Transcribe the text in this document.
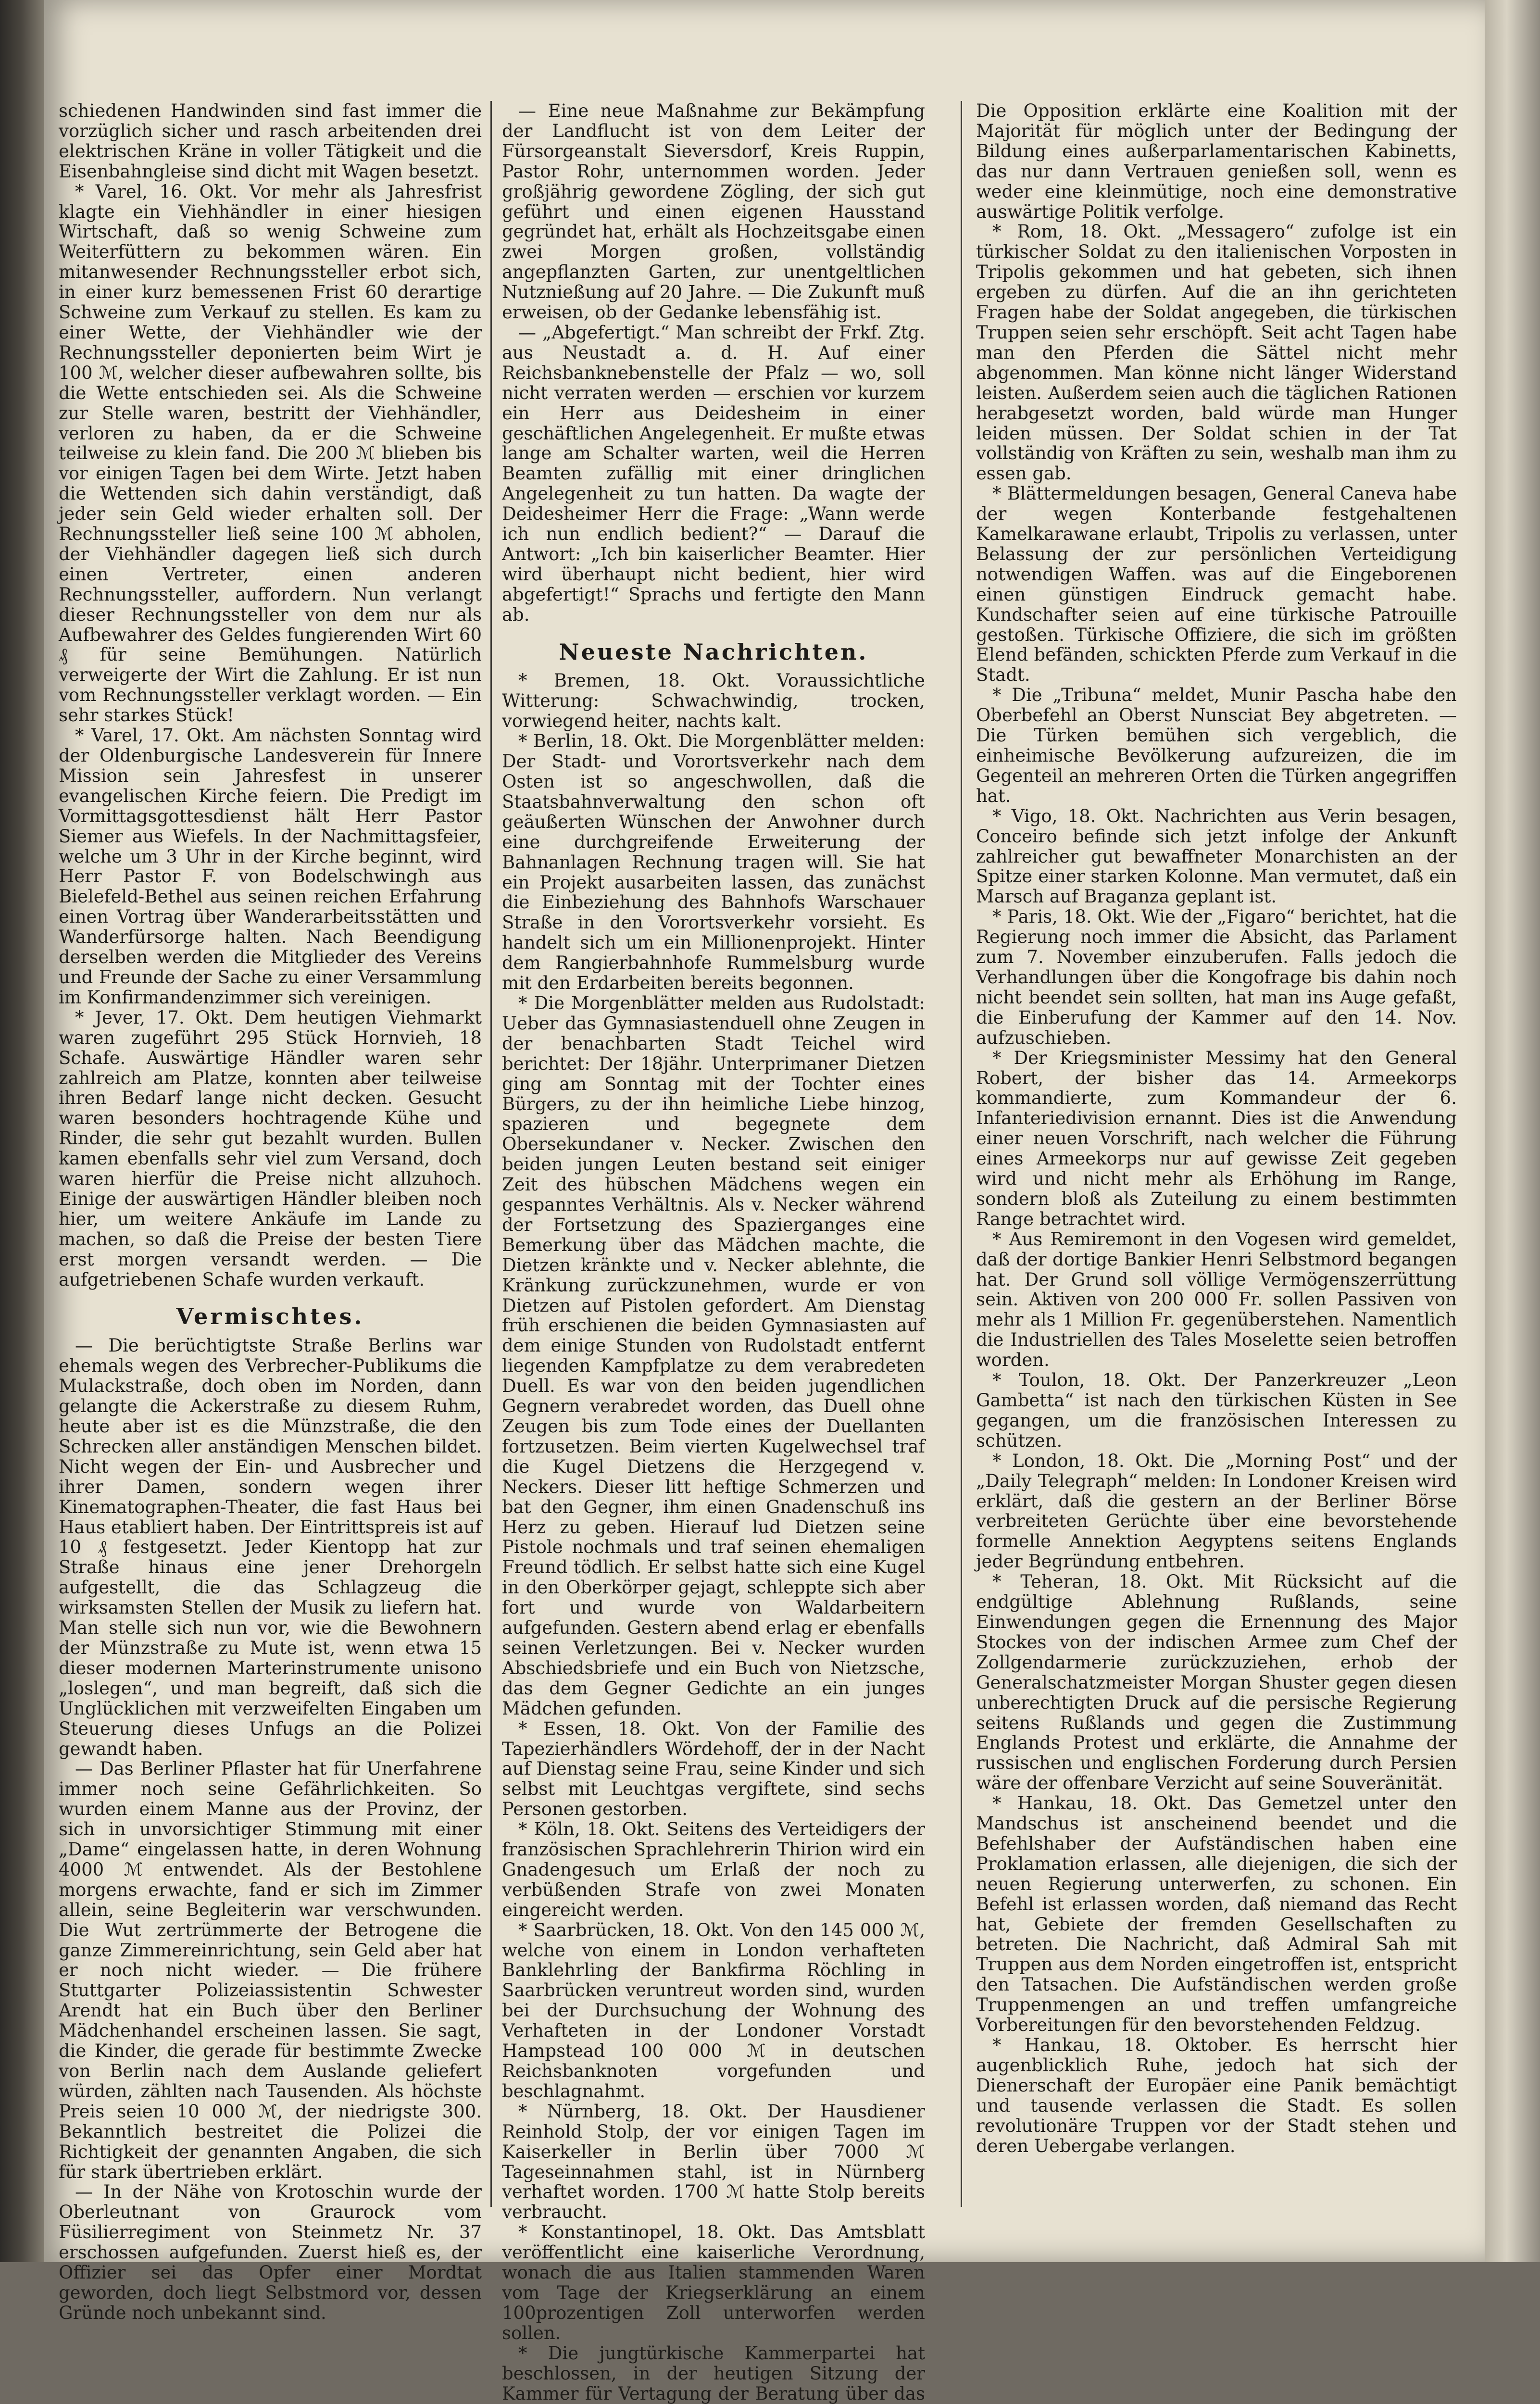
schiedenen Handwinden sind fast immer die vorzüglich sicher und rasch arbeitenden drei elektrischen Kräne in voller Tätigkeit und die Eisenbahngleise sind dicht mit Wagen besetzt.

* Varel, 16. Okt. Vor mehr als Jahresfrist klagte ein Viehhändler in einer hiesigen Wirtschaft, daß so wenig Schweine zum Weiterfüttern zu bekommen wären. Ein mitanwesender Rechnungssteller erbot sich, in einer kurz bemessenen Frist 60 derartige Schweine zum Verkauf zu stellen. Es kam zu einer Wette, der Viehhändler wie der Rechnungssteller deponierten beim Wirt je 100 ℳ, welcher dieser aufbewahren sollte, bis die Wette entschieden sei. Als die Schweine zur Stelle waren, bestritt der Viehhändler, verloren zu haben, da er die Schweine teilweise zu klein fand. Die 200 ℳ blieben bis vor einigen Tagen bei dem Wirte. Jetzt haben die Wettenden sich dahin verständigt, daß jeder sein Geld wieder erhalten soll. Der Rechnungssteller ließ seine 100 ℳ abholen, der Viehhändler dagegen ließ sich durch einen Vertreter, einen anderen Rechnungssteller, auffordern. Nun verlangt dieser Rechnungssteller von dem nur als Aufbewahrer des Geldes fungierenden Wirt 60 ₰ für seine Bemühungen. Natürlich verweigerte der Wirt die Zahlung. Er ist nun vom Rechnungssteller verklagt worden. — Ein sehr starkes Stück!

* Varel, 17. Okt. Am nächsten Sonntag wird der Oldenburgische Landesverein für Innere Mission sein Jahresfest in unserer evangelischen Kirche feiern. Die Predigt im Vormittagsgottesdienst hält Herr Pastor Siemer aus Wiefels. In der Nachmittagsfeier, welche um 3 Uhr in der Kirche beginnt, wird Herr Pastor F. von Bodelschwingh aus Bielefeld-Bethel aus seinen reichen Erfahrung einen Vortrag über Wanderarbeitsstätten und Wanderfürsorge halten. Nach Beendigung derselben werden die Mitglieder des Vereins und Freunde der Sache zu einer Versammlung im Konfirmandenzimmer sich vereinigen.

* Jever, 17. Okt. Dem heutigen Viehmarkt waren zugeführt 295 Stück Hornvieh, 18 Schafe. Auswärtige Händler waren sehr zahlreich am Platze, konnten aber teilweise ihren Bedarf lange nicht decken. Gesucht waren besonders hochtragende Kühe und Rinder, die sehr gut bezahlt wurden. Bullen kamen ebenfalls sehr viel zum Versand, doch waren hierfür die Preise nicht allzuhoch. Einige der auswärtigen Händler bleiben noch hier, um weitere Ankäufe im Lande zu machen, so daß die Preise der besten Tiere erst morgen versandt werden. — Die aufgetriebenen Schafe wurden verkauft.

Vermischtes.

— Die berüchtigtste Straße Berlins war ehemals wegen des Verbrecher-Publikums die Mulackstraße, doch oben im Norden, dann gelangte die Ackerstraße zu diesem Ruhm, heute aber ist es die Münzstraße, die den Schrecken aller anständigen Menschen bildet. Nicht wegen der Ein- und Ausbrecher und ihrer Damen, sondern wegen ihrer Kinematographen-Theater, die fast Haus bei Haus etabliert haben. Der Eintrittspreis ist auf 10 ₰ festgesetzt. Jeder Kientopp hat zur Straße hinaus eine jener Drehorgeln aufgestellt, die das Schlagzeug die wirksamsten Stellen der Musik zu liefern hat. Man stelle sich nun vor, wie die Bewohnern der Münzstraße zu Mute ist, wenn etwa 15 dieser modernen Marterinstrumente unisono „loslegen“, und man begreift, daß sich die Unglücklichen mit verzweifelten Eingaben um Steuerung dieses Unfugs an die Polizei gewandt haben.

— Das Berliner Pflaster hat für Unerfahrene immer noch seine Gefährlichkeiten. So wurden einem Manne aus der Provinz, der sich in unvorsichtiger Stimmung mit einer „Dame“ eingelassen hatte, in deren Wohnung 4000 ℳ entwendet. Als der Bestohlene morgens erwachte, fand er sich im Zimmer allein, seine Begleiterin war verschwunden. Die Wut zertrümmerte der Betrogene die ganze Zimmereinrichtung, sein Geld aber hat er noch nicht wieder. — Die frühere Stuttgarter Polizeiassistentin Schwester Arendt hat ein Buch über den Berliner Mädchenhandel erscheinen lassen. Sie sagt, die Kinder, die gerade für bestimmte Zwecke von Berlin nach dem Auslande geliefert würden, zählten nach Tausenden. Als höchste Preis seien 10 000 ℳ, der niedrigste 300. Bekanntlich bestreitet die Polizei die Richtigkeit der genannten Angaben, die sich für stark übertrieben erklärt.

— In der Nähe von Krotoschin wurde der Oberleutnant von Graurock vom Füsilierregiment von Steinmetz Nr. 37 erschossen aufgefunden. Zuerst hieß es, der Offizier sei das Opfer einer Mordtat geworden, doch liegt Selbstmord vor, dessen Gründe noch unbekannt sind.

— Eine neue Maßnahme zur Bekämpfung der Landflucht ist von dem Leiter der Fürsorgeanstalt Sieversdorf, Kreis Ruppin, Pastor Rohr, unternommen worden. Jeder großjährig gewordene Zögling, der sich gut geführt und einen eigenen Hausstand gegründet hat, erhält als Hochzeitsgabe einen zwei Morgen großen, vollständig angepflanzten Garten, zur unentgeltlichen Nutznießung auf 20 Jahre. — Die Zukunft muß erweisen, ob der Gedanke lebensfähig ist.

— „Abgefertigt.“ Man schreibt der Frkf. Ztg. aus Neustadt a. d. H. Auf einer Reichsbanknebenstelle der Pfalz — wo, soll nicht verraten werden — erschien vor kurzem ein Herr aus Deidesheim in einer geschäftlichen Angelegenheit. Er mußte etwas lange am Schalter warten, weil die Herren Beamten zufällig mit einer dringlichen Angelegenheit zu tun hatten. Da wagte der Deidesheimer Herr die Frage: „Wann werde ich nun endlich bedient?“ — Darauf die Antwort: „Ich bin kaiserlicher Beamter. Hier wird überhaupt nicht bedient, hier wird abgefertigt!“ Sprachs und fertigte den Mann ab.

Neueste Nachrichten.

* Bremen, 18. Okt. Voraussichtliche Witterung: Schwachwindig, trocken, vorwiegend heiter, nachts kalt.

* Berlin, 18. Okt. Die Morgenblätter melden: Der Stadt- und Vorortsverkehr nach dem Osten ist so angeschwollen, daß die Staatsbahnverwaltung den schon oft geäußerten Wünschen der Anwohner durch eine durchgreifende Erweiterung der Bahnanlagen Rechnung tragen will. Sie hat ein Projekt ausarbeiten lassen, das zunächst die Einbeziehung des Bahnhofs Warschauer Straße in den Vorortsverkehr vorsieht. Es handelt sich um ein Millionenprojekt. Hinter dem Rangierbahnhofe Rummelsburg wurde mit den Erdarbeiten bereits begonnen.

* Die Morgenblätter melden aus Rudolstadt: Ueber das Gymnasiastenduell ohne Zeugen in der benachbarten Stadt Teichel wird berichtet: Der 18jähr. Unterprimaner Dietzen ging am Sonntag mit der Tochter eines Bürgers, zu der ihn heimliche Liebe hinzog, spazieren und begegnete dem Obersekundaner v. Necker. Zwischen den beiden jungen Leuten bestand seit einiger Zeit des hübschen Mädchens wegen ein gespanntes Verhältnis. Als v. Necker während der Fortsetzung des Spazierganges eine Bemerkung über das Mädchen machte, die Dietzen kränkte und v. Necker ablehnte, die Kränkung zurückzunehmen, wurde er von Dietzen auf Pistolen gefordert. Am Dienstag früh erschienen die beiden Gymnasiasten auf dem einige Stunden von Rudolstadt entfernt liegenden Kampfplatze zu dem verabredeten Duell. Es war von den beiden jugendlichen Gegnern verabredet worden, das Duell ohne Zeugen bis zum Tode eines der Duellanten fortzusetzen. Beim vierten Kugelwechsel traf die Kugel Dietzens die Herzgegend v. Neckers. Dieser litt heftige Schmerzen und bat den Gegner, ihm einen Gnadenschuß ins Herz zu geben. Hierauf lud Dietzen seine Pistole nochmals und traf seinen ehemaligen Freund tödlich. Er selbst hatte sich eine Kugel in den Oberkörper gejagt, schleppte sich aber fort und wurde von Waldarbeitern aufgefunden. Gestern abend erlag er ebenfalls seinen Verletzungen. Bei v. Necker wurden Abschiedsbriefe und ein Buch von Nietzsche, das dem Gegner Gedichte an ein junges Mädchen gefunden.

* Essen, 18. Okt. Von der Familie des Tapezierhändlers Wördehoff, der in der Nacht auf Dienstag seine Frau, seine Kinder und sich selbst mit Leuchtgas vergiftete, sind sechs Personen gestorben.

* Köln, 18. Okt. Seitens des Verteidigers der französischen Sprachlehrerin Thirion wird ein Gnadengesuch um Erlaß der noch zu verbüßenden Strafe von zwei Monaten eingereicht werden.

* Saarbrücken, 18. Okt. Von den 145 000 ℳ, welche von einem in London verhafteten Banklehrling der Bankfirma Röchling in Saarbrücken veruntreut worden sind, wurden bei der Durchsuchung der Wohnung des Verhafteten in der Londoner Vorstadt Hampstead 100 000 ℳ in deutschen Reichsbanknoten vorgefunden und beschlagnahmt.

* Nürnberg, 18. Okt. Der Hausdiener Reinhold Stolp, der vor einigen Tagen im Kaiserkeller in Berlin über 7000 ℳ Tageseinnahmen stahl, ist in Nürnberg verhaftet worden. 1700 ℳ hatte Stolp bereits verbraucht.

* Konstantinopel, 18. Okt. Das Amtsblatt veröffentlicht eine kaiserliche Verordnung, wonach die aus Italien stammenden Waren vom Tage der Kriegserklärung an einem 100prozentigen Zoll unterworfen werden sollen.

* Die jungtürkische Kammerpartei hat beschlossen, in der heutigen Sitzung der Kammer für Vertagung der Beratung über das

Die Opposition erklärte eine Koalition mit der Majorität für möglich unter der Bedingung der Bildung eines außerparlamentarischen Kabinetts, das nur dann Vertrauen genießen soll, wenn es weder eine kleinmütige, noch eine demonstrative auswärtige Politik verfolge.

* Rom, 18. Okt. „Messagero“ zufolge ist ein türkischer Soldat zu den italienischen Vorposten in Tripolis gekommen und hat gebeten, sich ihnen ergeben zu dürfen. Auf die an ihn gerichteten Fragen habe der Soldat angegeben, die türkischen Truppen seien sehr erschöpft. Seit acht Tagen habe man den Pferden die Sättel nicht mehr abgenommen. Man könne nicht länger Widerstand leisten. Außerdem seien auch die täglichen Rationen herabgesetzt worden, bald würde man Hunger leiden müssen. Der Soldat schien in der Tat vollständig von Kräften zu sein, weshalb man ihm zu essen gab.

* Blättermeldungen besagen, General Caneva habe der wegen Konterbande festgehaltenen Kamelkarawane erlaubt, Tripolis zu verlassen, unter Belassung der zur persönlichen Verteidigung notwendigen Waffen. was auf die Eingeborenen einen günstigen Eindruck gemacht habe. Kundschafter seien auf eine türkische Patrouille gestoßen. Türkische Offiziere, die sich im größten Elend befänden, schickten Pferde zum Verkauf in die Stadt.

* Die „Tribuna“ meldet, Munir Pascha habe den Oberbefehl an Oberst Nunsciat Bey abgetreten. — Die Türken bemühen sich vergeblich, die einheimische Bevölkerung aufzureizen, die im Gegenteil an mehreren Orten die Türken angegriffen hat.

* Vigo, 18. Okt. Nachrichten aus Verin besagen, Conceiro befinde sich jetzt infolge der Ankunft zahlreicher gut bewaffneter Monarchisten an der Spitze einer starken Kolonne. Man vermutet, daß ein Marsch auf Braganza geplant ist.

* Paris, 18. Okt. Wie der „Figaro“ berichtet, hat die Regierung noch immer die Absicht, das Parlament zum 7. November einzuberufen. Falls jedoch die Verhandlungen über die Kongofrage bis dahin noch nicht beendet sein sollten, hat man ins Auge gefaßt, die Einberufung der Kammer auf den 14. Nov. aufzuschieben.

* Der Kriegsminister Messimy hat den General Robert, der bisher das 14. Armeekorps kommandierte, zum Kommandeur der 6. Infanteriedivision ernannt. Dies ist die Anwendung einer neuen Vorschrift, nach welcher die Führung eines Armeekorps nur auf gewisse Zeit gegeben wird und nicht mehr als Erhöhung im Range, sondern bloß als Zuteilung zu einem bestimmten Range betrachtet wird.

* Aus Remiremont in den Vogesen wird gemeldet, daß der dortige Bankier Henri Selbstmord begangen hat. Der Grund soll völlige Vermögenszerrüttung sein. Aktiven von 200 000 Fr. sollen Passiven von mehr als 1 Million Fr. gegenüberstehen. Namentlich die Industriellen des Tales Moselette seien betroffen worden.

* Toulon, 18. Okt. Der Panzerkreuzer „Leon Gambetta“ ist nach den türkischen Küsten in See gegangen, um die französischen Interessen zu schützen.

* London, 18. Okt. Die „Morning Post“ und der „Daily Telegraph“ melden: In Londoner Kreisen wird erklärt, daß die gestern an der Berliner Börse verbreiteten Gerüchte über eine bevorstehende formelle Annektion Aegyptens seitens Englands jeder Begründung entbehren.

* Teheran, 18. Okt. Mit Rücksicht auf die endgültige Ablehnung Rußlands, seine Einwendungen gegen die Ernennung des Major Stockes von der indischen Armee zum Chef der Zollgendarmerie zurückzuziehen, erhob der Generalschatzmeister Morgan Shuster gegen diesen unberechtigten Druck auf die persische Regierung seitens Rußlands und gegen die Zustimmung Englands Protest und erklärte, die Annahme der russischen und englischen Forderung durch Persien wäre der offenbare Verzicht auf seine Souveränität.

* Hankau, 18. Okt. Das Gemetzel unter den Mandschus ist anscheinend beendet und die Befehlshaber der Aufständischen haben eine Proklamation erlassen, alle diejenigen, die sich der neuen Regierung unterwerfen, zu schonen. Ein Befehl ist erlassen worden, daß niemand das Recht hat, Gebiete der fremden Gesellschaften zu betreten. Die Nachricht, daß Admiral Sah mit Truppen aus dem Norden eingetroffen ist, entspricht den Tatsachen. Die Aufständischen werden große Truppenmengen an und treffen umfangreiche Vorbereitungen für den bevorstehenden Feldzug.

* Hankau, 18. Oktober. Es herrscht hier augenblicklich Ruhe, jedoch hat sich der Dienerschaft der Europäer eine Panik bemächtigt und tausende verlassen die Stadt. Es sollen revolutionäre Truppen vor der Stadt stehen und deren Uebergabe verlangen.
